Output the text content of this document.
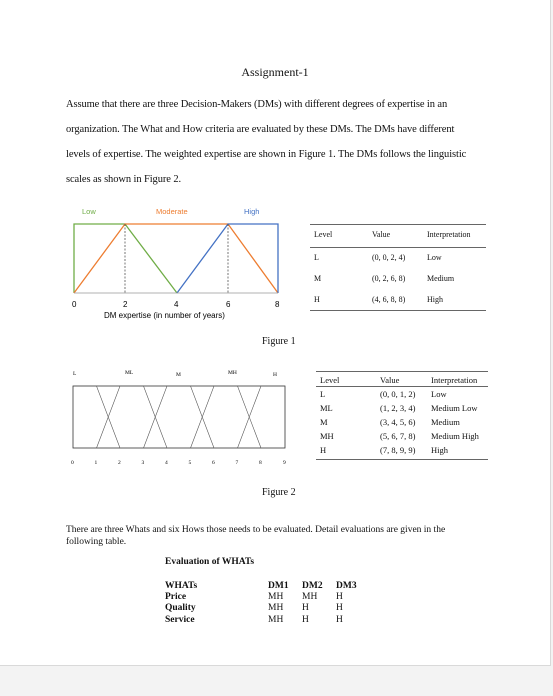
Assignment-1
Assume that there are three Decision-Makers (DMs) with different degrees of expertise in an
organization. The What and How criteria are evaluated by these DMs. The DMs have different
levels of expertise. The weighted expertise are shown in Figure 1. The DMs follows the linguistic
scales as shown in Figure 2.
Low	Moderate	High
0	2	4	6	8
DM expertise (in number of years)
Level	Value	Interpretation
L	(0, 0, 2, 4)	Low
M	(0, 2, 6, 8)	Medium
H	(4, 6, 8, 8)	High
Figure 1
L	ML	M	MH	H
0	1	2	3	4	5	6	7	8	9
Level	Value	Interpretation
L	(0, 0, 1, 2) Low
ML	(1, 2, 3, 4) Medium Low
M	(3, 4, 5, 6) Medium
MH	(5, 6, 7, 8) Medium High
H	(7, 8, 9, 9) High
Figure 2
There are three Whats and six Hows those needs to be evaluated. Detail evaluations are given in the
following table.
Evaluation of WHATs
WHATs	DM1 DM2 DM3
Price	MH MH H
Quality	MH H	H
Service	MH H	H
